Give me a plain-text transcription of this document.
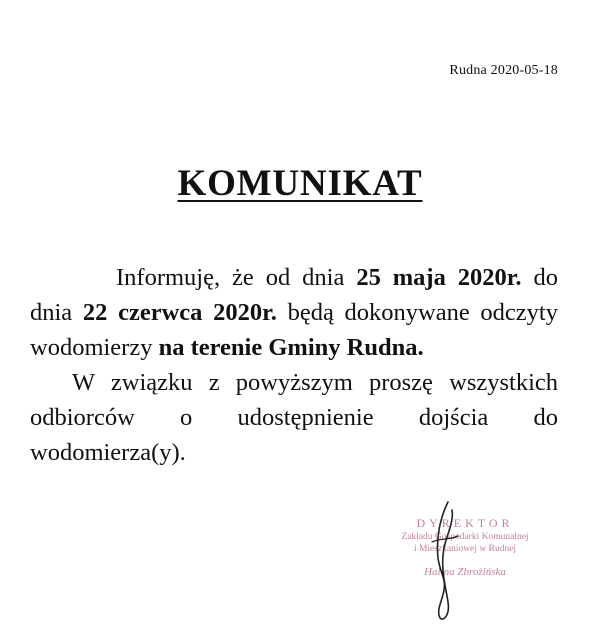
Rudna 2020-05-18
KOMUNIKAT

Informuję, że od dnia 25 maja 2020r. do dnia 22 czerwca 2020r. będą dokonywane odczyty wodomierzy na terenie Gminy Rudna.

W związku z powyższym proszę wszystkich odbiorców o udostępnienie dojścia do wodomierza(y).

DYREKTOR
Zakładu Gospodarki Komunalnej
i Mieszkaniowej w Rudnej
Halina Zbrożińska
